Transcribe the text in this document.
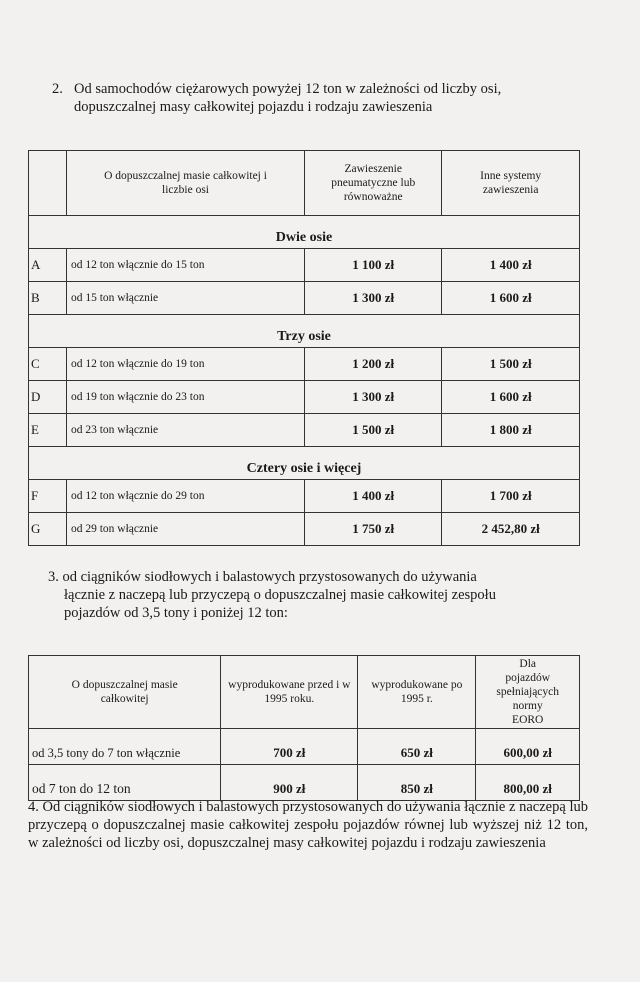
2. Od samochodów ciężarowych powyżej 12 ton w zależności od liczby osi,
dopuszczalnej masy całkowitej pojazdu i rodzaju zawieszenia
	O dopuszczalnej masie całkowitej i liczbie osi	Zawieszenie pneumatyczne lub równoważne	Inne systemy zawieszenia
Dwie osie			
A	od 12 ton włącznie do 15 ton	1 100 zł	1 400 zł
B	od 15 ton włącznie	1 300 zł	1 600 zł
Trzy osie			
C	od 12 ton włącznie do 19 ton	1 200 zł	1 500 zł
D	od 19 ton włącznie do 23 ton	1 300 zł	1 600 zł
E	od 23 ton włącznie	1 500 zł	1 800 zł
Cztery osie i więcej			
F	od 12 ton włącznie do 29 ton	1 400 zł	1 700 zł
G	od 29 ton włącznie	1 750 zł	2 452,80 zł
3. od ciągników siodłowych i balastowych przystosowanych do używania
łącznie z naczepą lub przyczepą o dopuszczalnej masie całkowitej zespołu
pojazdów od 3,5 tony i poniżej 12 ton:
O dopuszczalnej masie całkowitej	wyprodukowane przed i w 1995 roku.	wyprodukowane po 1995 r.	Dla pojazdów spełniających normy EORO
od 3,5 tony do 7 ton włącznie	700 zł	650 zł	600,00 zł
od 7 ton do 12 ton	900 zł	850 zł	800,00 zł
4. Od ciągników siodłowych i balastowych przystosowanych do używania łącznie z naczepą lub przyczepą o dopuszczalnej masie całkowitej zespołu pojazdów równej lub wyższej niż 12 ton, w zależności od liczby osi, dopuszczalnej masy całkowitej pojazdu i rodzaju zawieszenia
